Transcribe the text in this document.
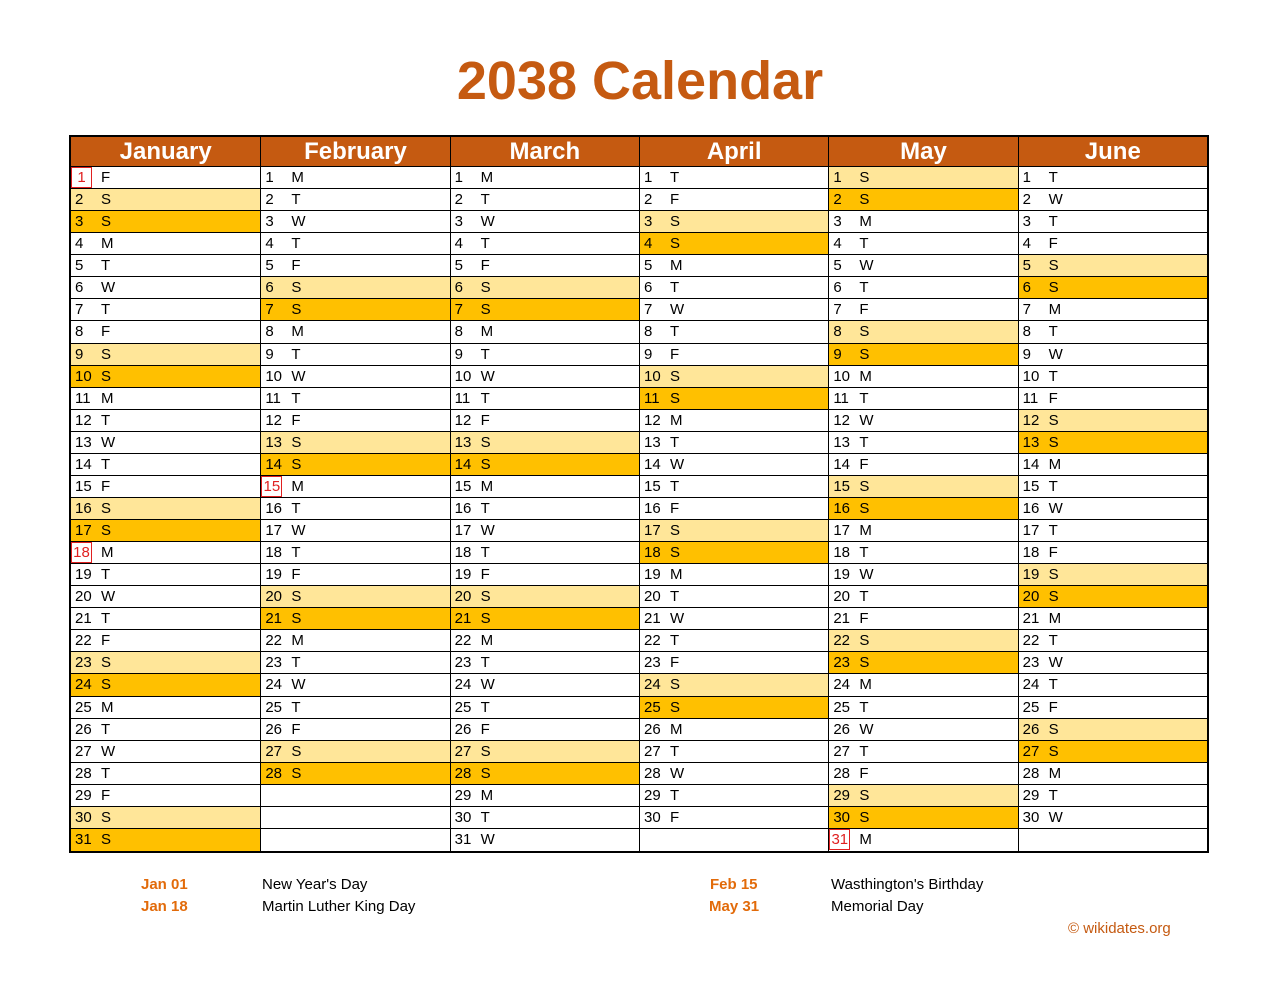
2038 Calendar
January
1	F
2 S
3 S
4 M
5 T
6 W
7 T
8 F
9 S
10 S
11 M
12 T
13 W
14 T
15 F
16 S
17 S
18 M
19 T
20 W
21 T
22 F
23 S
24 S
25 M
26 T
27 W
28 T
29 F
30 S
31 S
February
1 M
2 T
3 W
4 T
5 F
6 S
7 S
8 M
9 T
10 W
11 T
12 F
13 S
14 S
15 M
16 T
17 W
18 T
19 F
20 S
21 S
22 M
23 T
24 W
25 T
26 F
27 S
28 S
March
1 M
2 T
3 W
4 T
5 F
6 S
7 S
8 M
9 T
10 W
11 T
12 F
13 S
14 S
15 M
16 T
17 W
18 T
19 F
20 S
21 S
22 M
23 T
24 W
25 T
26 F
27 S
28 S
29 M
30 T
31 W
April
1 T
2 F
3 S
4 S
5 M
6 T
7 W
8 T
9 F
10 S
11 S
12 M
13 T
14 W
15 T
16 F
17 S
18 S
19 M
20 T
21 W
22 T
23 F
24 S
25 S
26 M
27 T
28 W
29 T
30 F
May
1 S
2 S
3 M
4 T
5 W
6 T
7 F
8 S
9 S
10 M
11 T
12 W
13 T
14 F
15 S
16 S
17 M
18 T
19 W
20 T
21 F
22 S
23 S
24 M
25 T
26 W
27 T
28 F
29 S
30 S
31 M
June
1 T
2 W
3 T
4 F
5 S
6 S
7 M
8 T
9 W
10 T
11 F
12 S
13 S
14 M
15 T
16 W
17 T
18 F
19 S
20 S
21 M
22 T
23 W
24 T
25 F
26 S
27 S
28 M
29 T
30 W
Jan 01	New Year's Day
Jan 18	Martin Luther King Day
Feb 15	Wasthington's Birthday
May 31	Memorial Day
© wikidates.org
